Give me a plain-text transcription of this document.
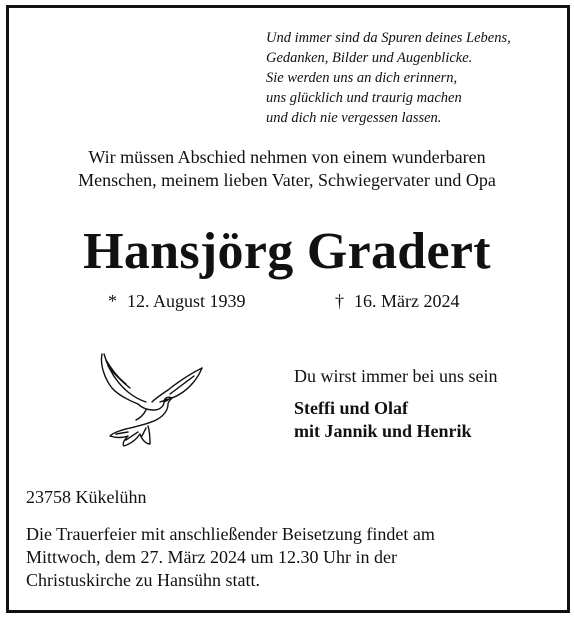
Und immer sind da Spuren deines Lebens,
Gedanken, Bilder und Augenblicke.
Sie werden uns an dich erinnern,
uns glücklich und traurig machen
und dich nie vergessen lassen.
Wir müssen Abschied nehmen von einem wunderbaren
Menschen, meinem lieben Vater, Schwiegervater und Opa
Hansjörg Gradert
* 12. August 1939	† 16. März 2024
Du wirst immer bei uns sein
Steffi und Olaf
mit Jannik und Henrik
23758 Kükelühn
Die Trauerfeier mit anschließender Beisetzung findet am
Mittwoch, dem 27. März 2024 um 12.30 Uhr in der
Christuskirche zu Hansühn statt.
